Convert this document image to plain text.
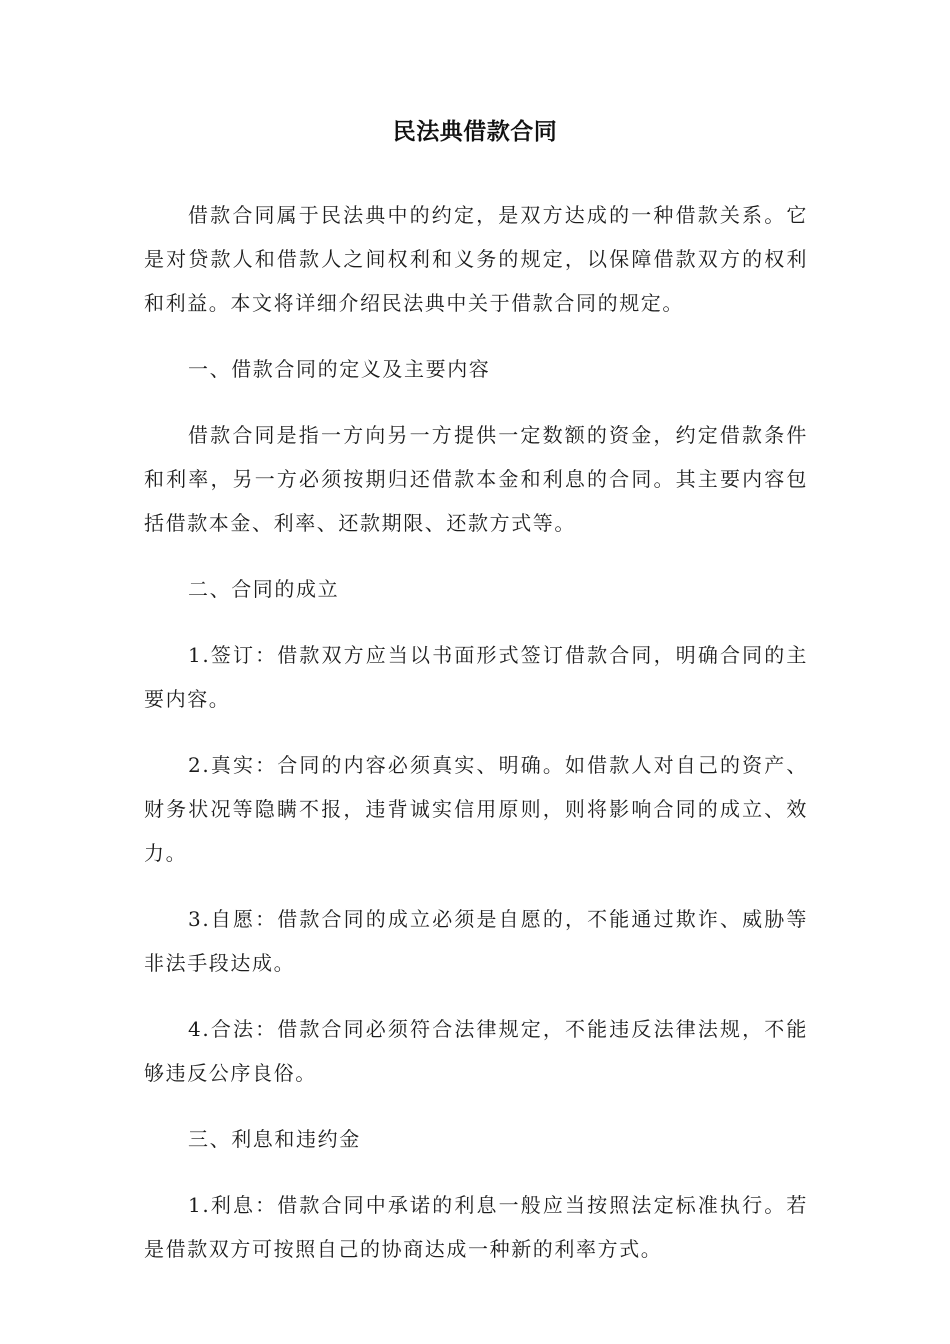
民法典借款合同

借款合同属于民法典中的约定，是双方达成的一种借款关系。它是对贷款人和借款人之间权利和义务的规定，以保障借款双方的权利和利益。本文将详细介绍民法典中关于借款合同的规定。

一、借款合同的定义及主要内容

借款合同是指一方向另一方提供一定数额的资金，约定借款条件和利率，另一方必须按期归还借款本金和利息的合同。其主要内容包括借款本金、利率、还款期限、还款方式等。

二、合同的成立

1.签订：借款双方应当以书面形式签订借款合同，明确合同的主要内容。

2.真实：合同的内容必须真实、明确。如借款人对自己的资产、财务状况等隐瞒不报，违背诚实信用原则，则将影响合同的成立、效力。

3.自愿：借款合同的成立必须是自愿的，不能通过欺诈、威胁等非法手段达成。

4.合法：借款合同必须符合法律规定，不能违反法律法规，不能够违反公序良俗。

三、利息和违约金

1.利息：借款合同中承诺的利息一般应当按照法定标准执行。若是借款双方可按照自己的协商达成一种新的利率方式。
